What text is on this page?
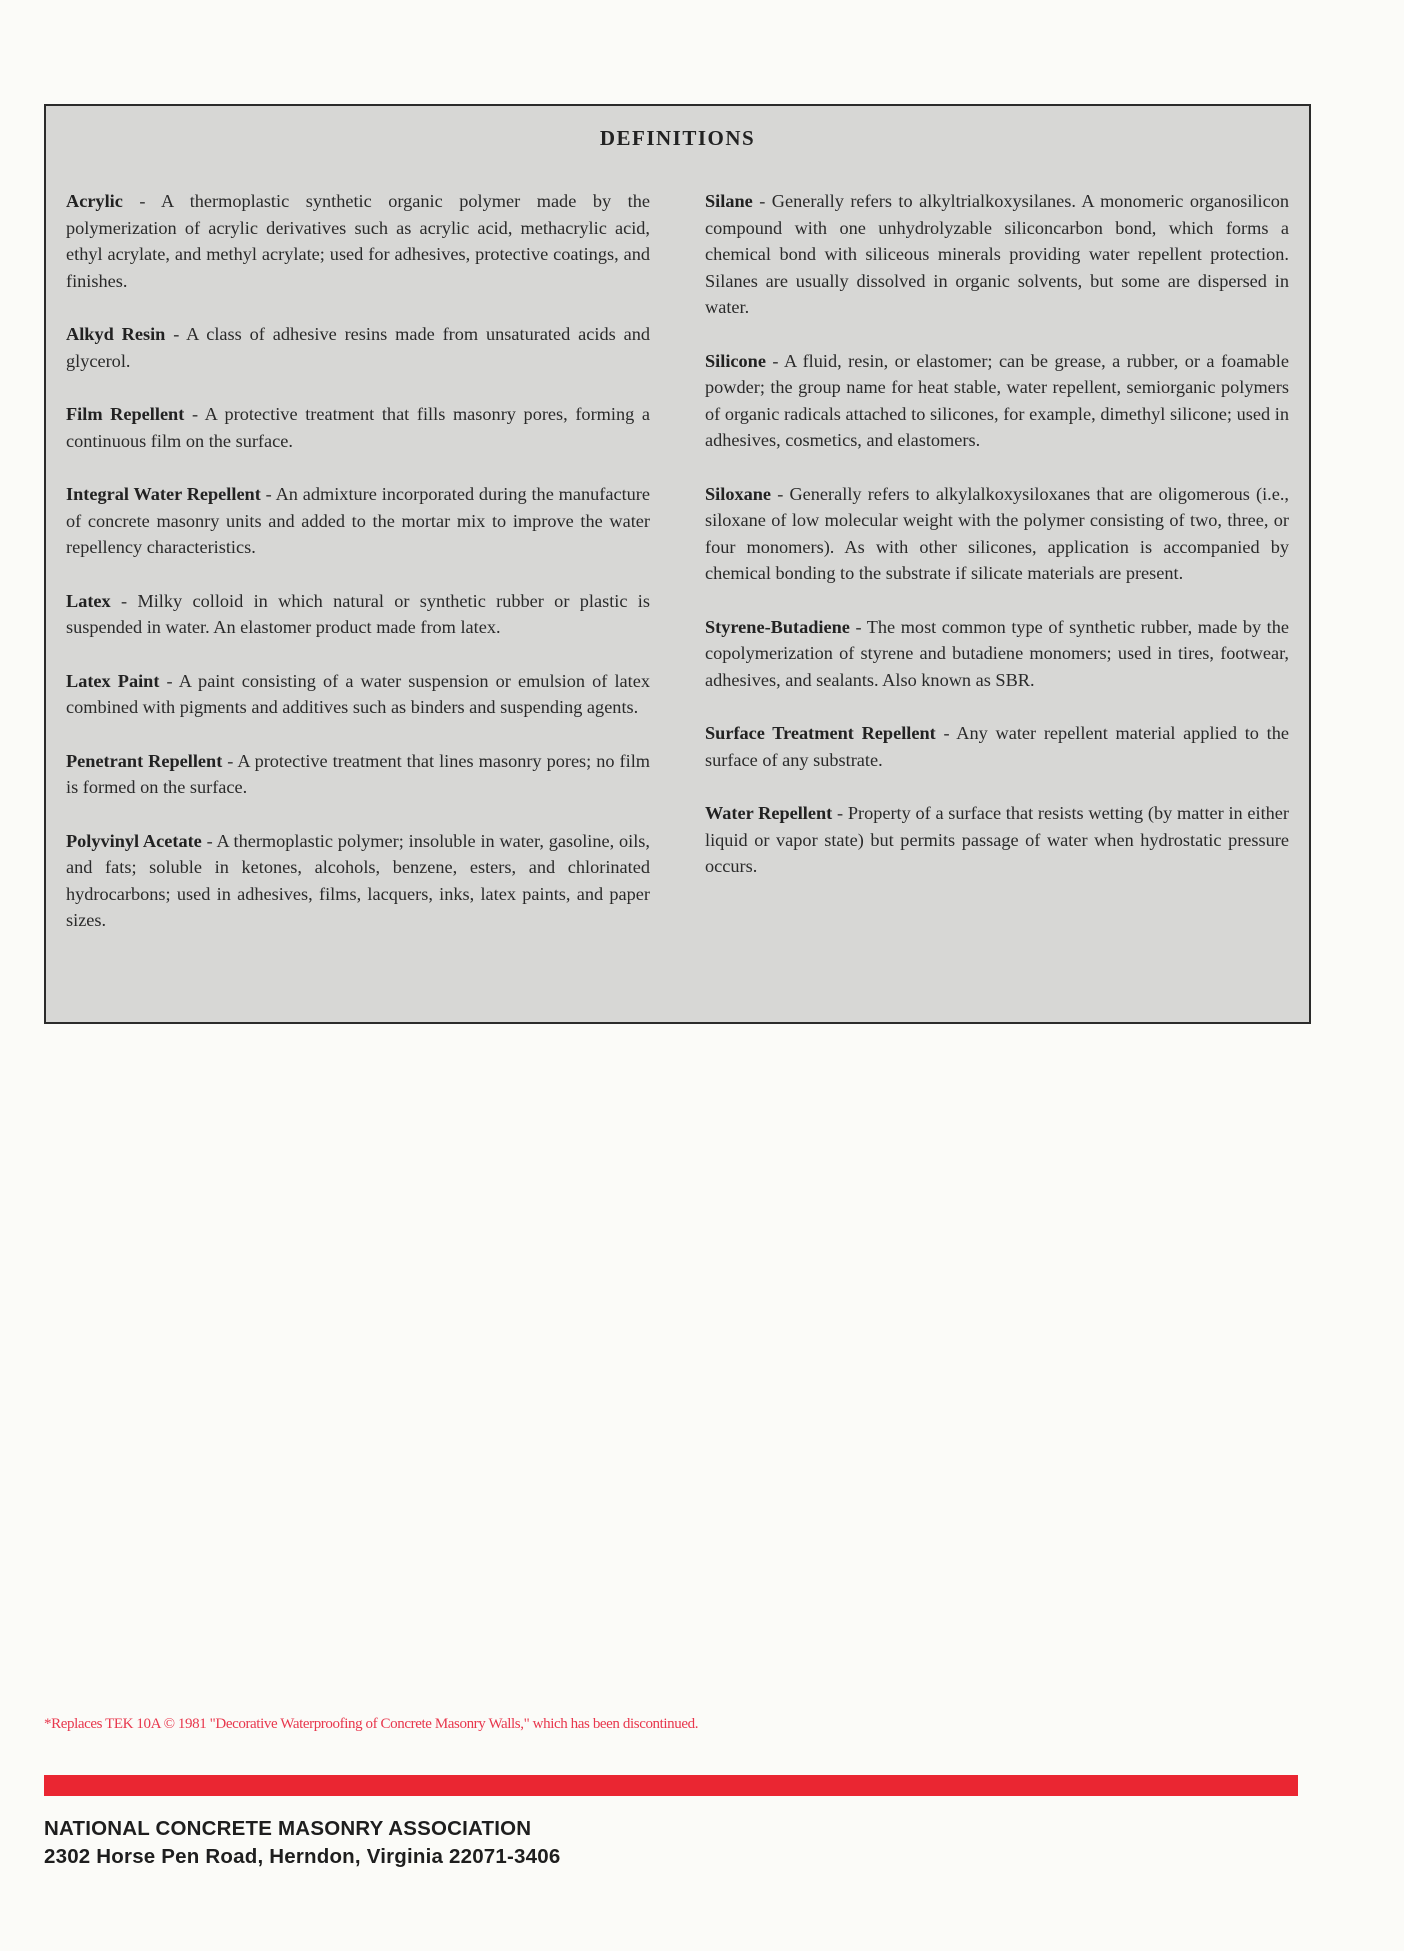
DEFINITIONS

Acrylic - A thermoplastic synthetic organic polymer made by the polymerization of acrylic derivatives such as acrylic acid, methacrylic acid, ethyl acrylate, and methyl acrylate; used for adhesives, protective coatings, and finishes.

Alkyd Resin - A class of adhesive resins made from unsaturated acids and glycerol.

Film Repellent - A protective treatment that fills masonry pores, forming a continuous film on the surface.

Integral Water Repellent - An admixture incorporated during the manufacture of concrete masonry units and added to the mortar mix to improve the water repellency characteristics.

Latex - Milky colloid in which natural or synthetic rubber or plastic is suspended in water. An elastomer product made from latex.

Latex Paint - A paint consisting of a water suspension or emulsion of latex combined with pigments and additives such as binders and suspending agents.

Penetrant Repellent - A protective treatment that lines masonry pores; no film is formed on the surface.

Polyvinyl Acetate - A thermoplastic polymer; insoluble in water, gasoline, oils, and fats; soluble in ketones, alcohols, benzene, esters, and chlorinated hydrocarbons; used in adhesives, films, lacquers, inks, latex paints, and paper sizes.

Silane - Generally refers to alkyltrialkoxysilanes. A monomeric organosilicon compound with one unhydrolyzable siliconcarbon bond, which forms a chemical bond with siliceous minerals providing water repellent protection. Silanes are usually dissolved in organic solvents, but some are dispersed in water.

Silicone - A fluid, resin, or elastomer; can be grease, a rubber, or a foamable powder; the group name for heat stable, water repellent, semiorganic polymers of organic radicals attached to silicones, for example, dimethyl silicone; used in adhesives, cosmetics, and elastomers.

Siloxane - Generally refers to alkylalkoxysiloxanes that are oligomerous (i.e., siloxane of low molecular weight with the polymer consisting of two, three, or four monomers). As with other silicones, application is accompanied by chemical bonding to the substrate if silicate materials are present.

Styrene-Butadiene - The most common type of synthetic rubber, made by the copolymerization of styrene and butadiene monomers; used in tires, footwear, adhesives, and sealants. Also known as SBR.

Surface Treatment Repellent - Any water repellent material applied to the surface of any substrate.

Water Repellent - Property of a surface that resists wetting (by matter in either liquid or vapor state) but permits passage of water when hydrostatic pressure occurs.

*Replaces TEK 10A © 1981 "Decorative Waterproofing of Concrete Masonry Walls," which has been discontinued.
NATIONAL CONCRETE MASONRY ASSOCIATION
2302 Horse Pen Road, Herndon, Virginia 22071-3406
